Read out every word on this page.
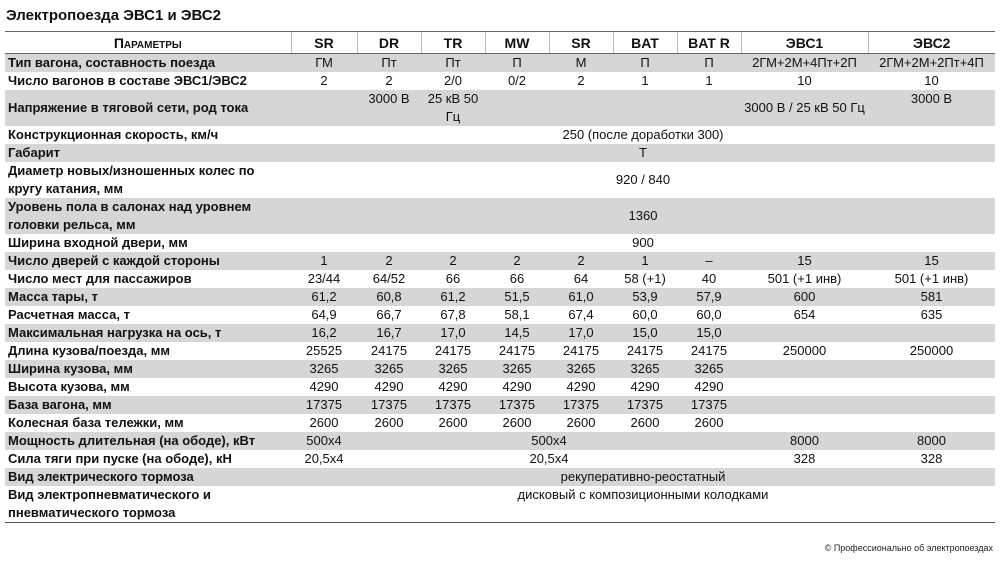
Электропоезда ЭВС1 и ЭВС2
Параметры	SR	DR	TR	MW	SR	BAT	BAT R	ЭВС1	ЭВС2
Тип вагона, составность поезда	ГМ	Пт	Пт	П	М	П	П	2ГМ+2М+4Пт+2П	2ГМ+2М+2Пт+4П
Число вагонов в составе ЭВС1/ЭВС2	2	2	2/0	0/2	2	1	1	10	10
Напряжение в тяговой сети, род тока		3000 В	25 кВ 50 Гц					3000 В / 25 кВ 50 Гц	3000 В
Конструкционная скорость, км/ч	250 (после доработки 300)								
Габарит	Т								
Диаметр новых/изношенных колес по кругу катания, мм	920 / 840								
Уровень пола в салонах над уровнем головки рельса, мм	1360								
Ширина входной двери, мм	900								
Число дверей с каждой стороны	1	2	2	2	2	1	–	15	15
Число мест для пассажиров	23/44	64/52	66	66	64	58 (+1)	40	501 (+1 инв)	501 (+1 инв)
Масса тары, т	61,2	60,8	61,2	51,5	61,0	53,9	57,9	600	581
Расчетная масса, т	64,9	66,7	67,8	58,1	67,4	60,0	60,0	654	635
Максимальная нагрузка на ось, т	16,2	16,7	17,0	14,5	17,0	15,0	15,0		
Длина кузова/поезда, мм	25525	24175	24175	24175	24175	24175	24175	250000	250000
Ширина кузова, мм	3265	3265	3265	3265	3265	3265	3265		
Высота кузова, мм	4290	4290	4290	4290	4290	4290	4290		
База вагона, мм	17375	17375	17375	17375	17375	17375	17375		
Колесная база тележки, мм	2600	2600	2600	2600	2600	2600	2600		
Мощность длительная (на ободе), кВт	500х4	500х4						8000	8000
Сила тяги при пуске (на ободе), кН	20,5х4	20,5х4						328	328
Вид электрического тормоза	рекуперативно-реостатный								
Вид электропневматического и пневматического тормоза	дисковый с композиционными колодками								
© Профессионально об электропоездах
